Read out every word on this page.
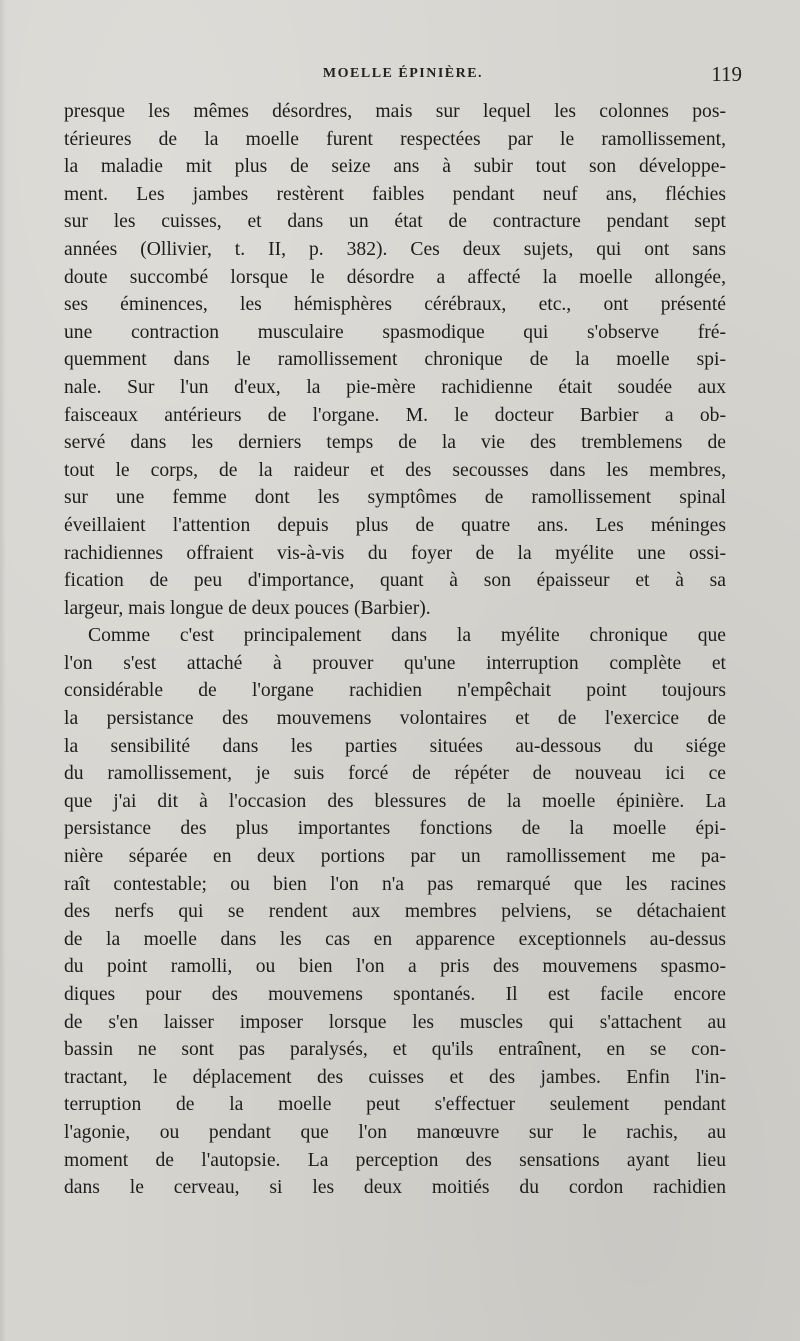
MOELLE ÉPINIÈRE.	119
presque les mêmes désordres, mais sur lequel les colonnes pos-
térieures de la moelle furent respectées par le ramollissement,
la maladie mit plus de seize ans à subir tout son développe-
ment. Les jambes restèrent faibles pendant neuf ans, fléchies
sur les cuisses, et dans un état de contracture pendant sept
années (Ollivier, t. II, p. 382). Ces deux sujets, qui ont sans
doute succombé lorsque le désordre a affecté la moelle allongée,
ses éminences, les hémisphères cérébraux, etc., ont présenté
une contraction musculaire spasmodique qui s'observe fré-
quemment dans le ramollissement chronique de la moelle spi-
nale. Sur l'un d'eux, la pie-mère rachidienne était soudée aux
faisceaux antérieurs de l'organe. M. le docteur Barbier a ob-
servé dans les derniers temps de la vie des tremblemens de
tout le corps, de la raideur et des secousses dans les membres,
sur une femme dont les symptômes de ramollissement spinal
éveillaient l'attention depuis plus de quatre ans. Les méninges
rachidiennes offraient vis-à-vis du foyer de la myélite une ossi-
fication de peu d'importance, quant à son épaisseur et à sa
largeur, mais longue de deux pouces (Barbier).
Comme c'est principalement dans la myélite chronique que
l'on s'est attaché à prouver qu'une interruption complète et
considérable de l'organe rachidien n'empêchait point toujours
la persistance des mouvemens volontaires et de l'exercice de
la sensibilité dans les parties situées au-dessous du siége
du ramollissement, je suis forcé de répéter de nouveau ici ce
que j'ai dit à l'occasion des blessures de la moelle épinière. La
persistance des plus importantes fonctions de la moelle épi-
nière séparée en deux portions par un ramollissement me pa-
raît contestable; ou bien l'on n'a pas remarqué que les racines
des nerfs qui se rendent aux membres pelviens, se détachaient
de la moelle dans les cas en apparence exceptionnels au-dessus
du point ramolli, ou bien l'on a pris des mouvemens spasmo-
diques pour des mouvemens spontanés. Il est facile encore
de s'en laisser imposer lorsque les muscles qui s'attachent au
bassin ne sont pas paralysés, et qu'ils entraînent, en se con-
tractant, le déplacement des cuisses et des jambes. Enfin l'in-
terruption de la moelle peut s'effectuer seulement pendant
l'agonie, ou pendant que l'on manœuvre sur le rachis, au
moment de l'autopsie. La perception des sensations ayant lieu
dans le cerveau, si les deux moitiés du cordon rachidien
